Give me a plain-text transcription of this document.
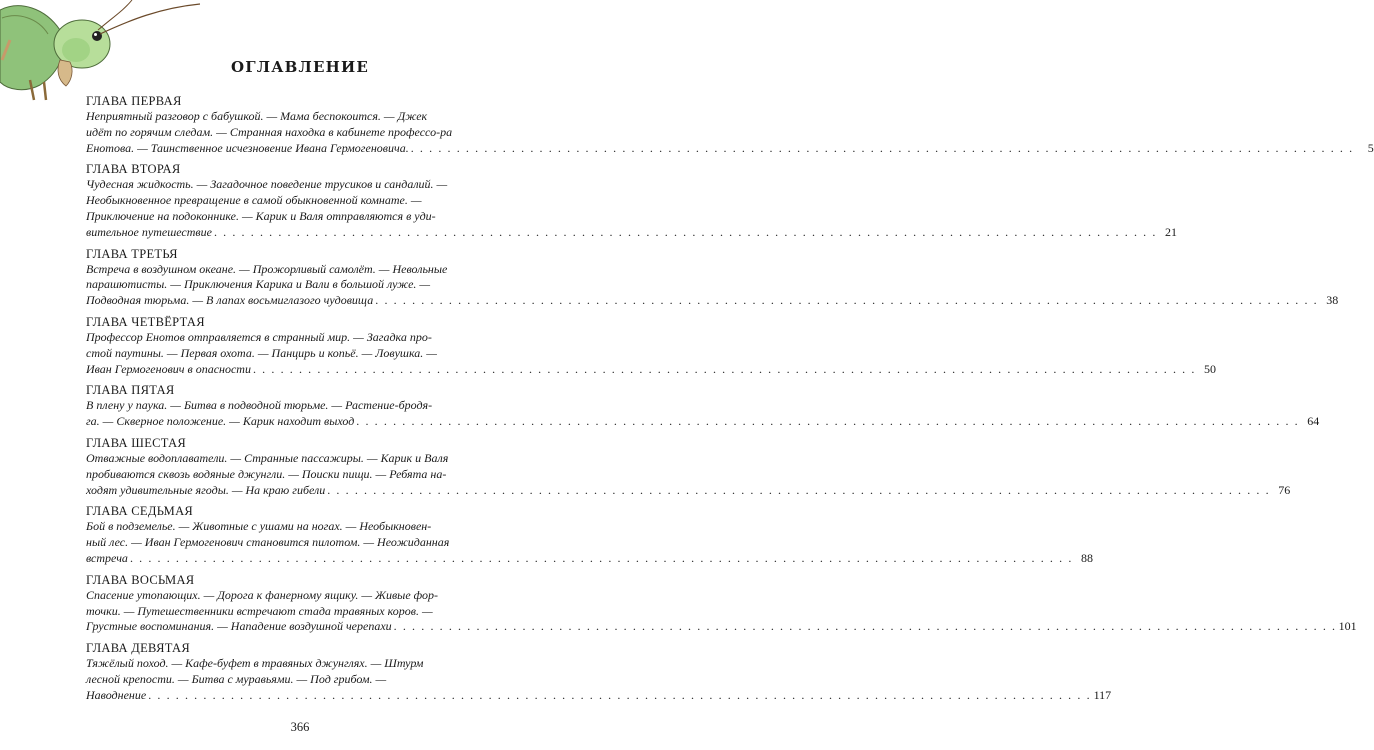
ОГЛАВЛЕНИЕ
ГЛАВА ПЕРВАЯ
Неприятный разговор с бабушкой. — Мама беспокоится. — Джек
идёт по горячим следам. — Странная находка в кабинете профессо-ра
Енотова. — Таинственное исчезновение Ивана Гермогеновича. . . . . . . . . . . . . . . . . . . . . . . . . . . . . . . . . . . . . . . . . . . . . . . . . . . . . . . . . . . . . . . . . . . . . . . . . . . . . . . . . . . . . . . . . . . . . . . . . . . . . . . .	5
ГЛАВА ВТОРАЯ
Чудесная жидкость. — Загадочное поведение трусиков и сандалий. —
Необыкновенное превращение в самой обыкновенной комнате. —
Приключение на подоконнике. — Карик и Валя отправляются в уди-
вительное путешествие . . . . . . . . . . . . . . . . . . . . . . . . . . . . . . . . . . . . . . . . . . . . . . . . . . . . . . . . . . . . . . . . . . . . . . . . . . . . . . . . . . . . . . . . . . . . . . . . . . . . . . . 21
ГЛАВА ТРЕТЬЯ
Встреча в воздушном океане. — Прожорливый самолёт. — Невольные
парашютисты. — Приключения Карика и Вали в большой луже. —
Подводная тюрьма. — В лапах восьмиглазого чудовища . . . . . . . . . . . . . . . . . . . . . . . . . . . . . . . . . . . . . . . . . . . . . . . . . . . . . . . . . . . . . . . . . . . . . . . . . . . . . . . . . . . . . . . . . . . . . . . . . . . . . . . 38
ГЛАВА ЧЕТВЁРТАЯ
Профессор Енотов отправляется в странный мир. — Загадка про-
стой паутины. — Первая охота. — Панцирь и копьё. — Ловушка. —
Иван Гермогенович в опасности . . . . . . . . . . . . . . . . . . . . . . . . . . . . . . . . . . . . . . . . . . . . . . . . . . . . . . . . . . . . . . . . . . . . . . . . . . . . . . . . . . . . . . . . . . . . . . . . . . . . . . . 50
ГЛАВА ПЯТАЯ
В плену у паука. — Битва в подводной тюрьме. — Растение-бродя-
га. — Скверное положение. — Карик находит выход . . . . . . . . . . . . . . . . . . . . . . . . . . . . . . . . . . . . . . . . . . . . . . . . . . . . . . . . . . . . . . . . . . . . . . . . . . . . . . . . . . . . . . . . . . . . . . . . . . . . . . . 64
ГЛАВА ШЕСТАЯ
Отважные водоплаватели. — Странные пассажиры. — Карик и Валя
пробиваются сквозь водяные джунгли. — Поиски пищи. — Ребята на-
ходят удивительные ягоды. — На краю гибели . . . . . . . . . . . . . . . . . . . . . . . . . . . . . . . . . . . . . . . . . . . . . . . . . . . . . . . . . . . . . . . . . . . . . . . . . . . . . . . . . . . . . . . . . . . . . . . . . . . . . . . 76
ГЛАВА СЕДЬМАЯ
Бой в подземелье. — Животные с ушами на ногах. — Необыкновен-
ный лес. — Иван Гермогенович становится пилотом. — Неожиданная
встреча . . . . . . . . . . . . . . . . . . . . . . . . . . . . . . . . . . . . . . . . . . . . . . . . . . . . . . . . . . . . . . . . . . . . . . . . . . . . . . . . . . . . . . . . . . . . . . . . . . . . . . . 88
ГЛАВА ВОСЬМАЯ
Спасение утопающих. — Дорога к фанерному ящику. — Живые фор-
точки. — Путешественники встречают стада травяных коров. —
Грустные воспоминания. — Нападение воздушной черепахи . . . . . . . . . . . . . . . . . . . . . . . . . . . . . . . . . . . . . . . . . . . . . . . . . . . . . . . . . . . . . . . . . . . . . . . . . . . . . . . . . . . . . . . . . . . . . . . . . . . . . . . 101
ГЛАВА ДЕВЯТАЯ
Тяжёлый поход. — Кафе-буфет в травяных джунглях. — Штурм
лесной крепости. — Битва с муравьями. — Под грибом. —
Наводнение . . . . . . . . . . . . . . . . . . . . . . . . . . . . . . . . . . . . . . . . . . . . . . . . . . . . . . . . . . . . . . . . . . . . . . . . . . . . . . . . . . . . . . . . . . . . . . . . . . . . . . . 117
366
